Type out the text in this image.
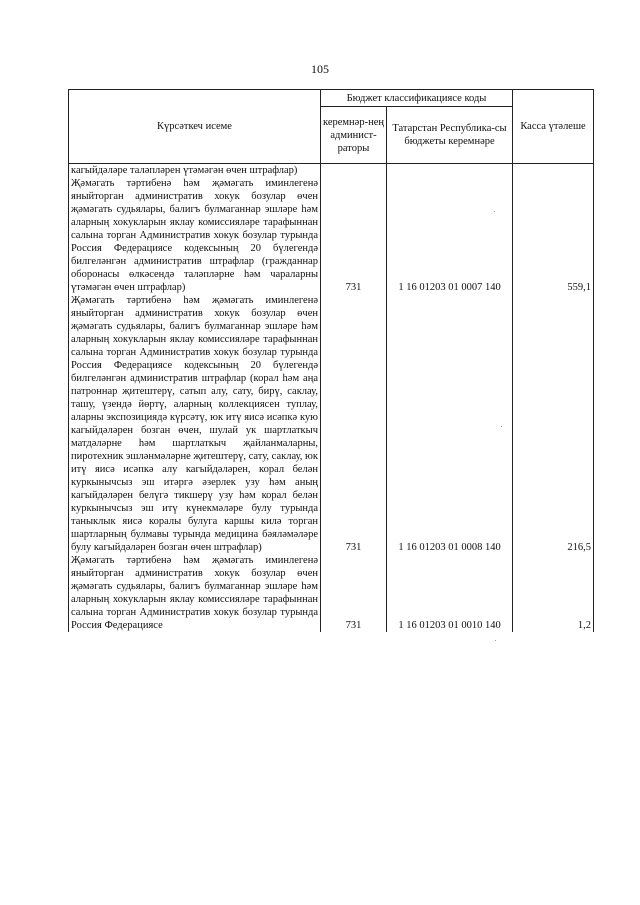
105
Күрсәткеч исеме	Бюджет классификациясе коды		Касса үтәлеше
	керемнәр-нең админист-раторы	Татарстан Республика-сы бюджеты керемнәре	
кагыйдәләре таләпләрен үтәмәгән өчен штрафлар)			
Җәмәгать тәртибенә һәм җәмәгать иминлегенә яныйторган административ хокук бозулар өчен җәмәгать судьялары, балигъ булмаганнар эшләре һәм аларның хокукларын яклау комиссияләре тарафыннан салына торган Административ хокук бозулар турында Россия Федерациясе кодексының 20 бүлегендә билгеләнгән административ штрафлар (гражданнар оборонасы өлкәсендә таләпләрне һәм чараларны үтәмәгән өчен штрафлар)	731	1 16 01203 01 0007 140	559,1
Җәмәгать тәртибенә һәм җәмәгать иминлегенә яныйторган административ хокук бозулар өчен җәмәгать судьялары, балигъ булмаганнар эшләре һәм аларның хокукларын яклау комиссияләре тарафыннан салына торган Административ хокук бозулар турында Россия Федерациясе кодексының 20 бүлегендә билгеләнгән административ штрафлар (корал һәм аңа патроннар җитештерү, сатып алу, сату, бирү, саклау, ташу, үзендә йөртү, аларның коллекциясен туплау, аларны экспозициядә күрсәтү, юк итү яисә исәпкә кую кагыйдәләрен бозган өчен, шулай ук шартлаткыч матдәләрне һәм шартлаткыч җайланмаларны, пиротехник эшләнмәләрне җитештерү, сату, саклау, юк итү яисә исәпкә алу кагыйдәләрен, корал белән куркынычсыз эш итәргә әзерлек узу һәм аның кагыйдәләрен белүгә тикшерү узу һәм корал белән куркынычсыз эш итү күнекмәләре булу турында таныклык яисә коралы булуга каршы килә торган шартларның булмавы турында медицина бәяләмәләре булу кагыйдәләрен бозган өчен штрафлар)	731	1 16 01203 01 0008 140	216,5
Җәмәгать тәртибенә һәм җәмәгать иминлегенә яныйторган административ хокук бозулар өчен җәмәгать судьялары, балигъ булмаганнар эшләре һәм аларның хокукларын яклау комиссияләре тарафыннан салына торган Административ хокук бозулар турында Россия Федерациясе	731	1 16 01203 01 0010 140	1,2
